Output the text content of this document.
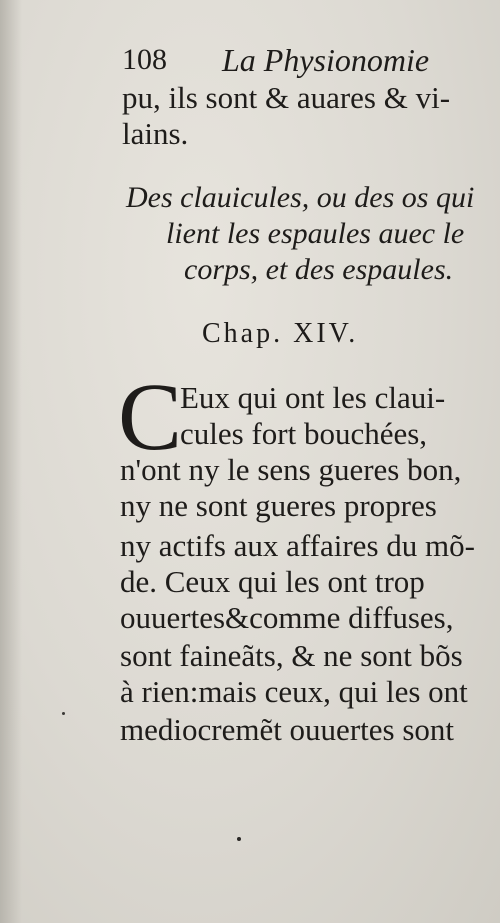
108 La Physionomie
pu, ils sont & auares & vi-
lains.
Des clauicules, ou des os qui
lient les espaules auec le
corps, et des espaules.
Chap. XIV.
C
Eux qui ont les claui-
cules fort bouchées,
n'ont ny le sens gueres bon,
ny ne sont gueres propres
ny actifs aux affaires du mõ-
de. Ceux qui les ont trop
ouuertes&comme diffuses,
sont faineãts, & ne sont bõs
à rien:mais ceux, qui les ont
mediocremẽt ouuertes sont
